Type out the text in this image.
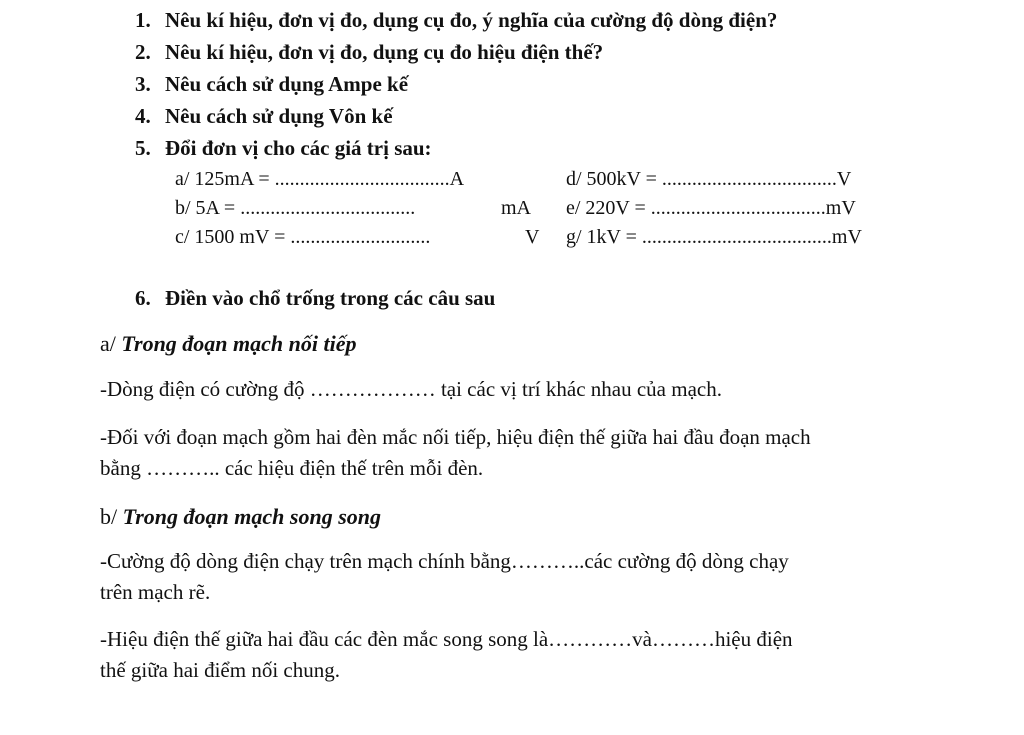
1. Nêu kí hiệu, đơn vị đo, dụng cụ đo, ý nghĩa của cường độ dòng điện?
2. Nêu kí hiệu, đơn vị đo, dụng cụ đo hiệu điện thế?
3. Nêu cách sử dụng Ampe kế
4. Nêu cách sử dụng Vôn kế
5. Đổi đơn vị cho các giá trị sau:
a/ 125mA = ...................................A	d/ 500kV = ...................................V
b/ 5A = ...................................	mA e/ 220V = ...................................mV
c/ 1500 mV = ............................	V g/ 1kV = ......................................mV
6. Điền vào chổ trống trong các câu sau
a/ Trong đoạn mạch nối tiếp
-Dòng điện có cường độ ……………… tại các vị trí khác nhau của mạch.
-Đối với đoạn mạch gồm hai đèn mắc nối tiếp, hiệu điện thế giữa hai đầu đoạn mạch
bằng ……….. các hiệu điện thế trên mỗi đèn.
b/ Trong đoạn mạch song song
-Cường độ dòng điện chạy trên mạch chính bằng………..các cường độ dòng chạy
trên mạch rẽ.
-Hiệu điện thế giữa hai đầu các đèn mắc song song là…………và………hiệu điện
thế giữa hai điểm nối chung.
